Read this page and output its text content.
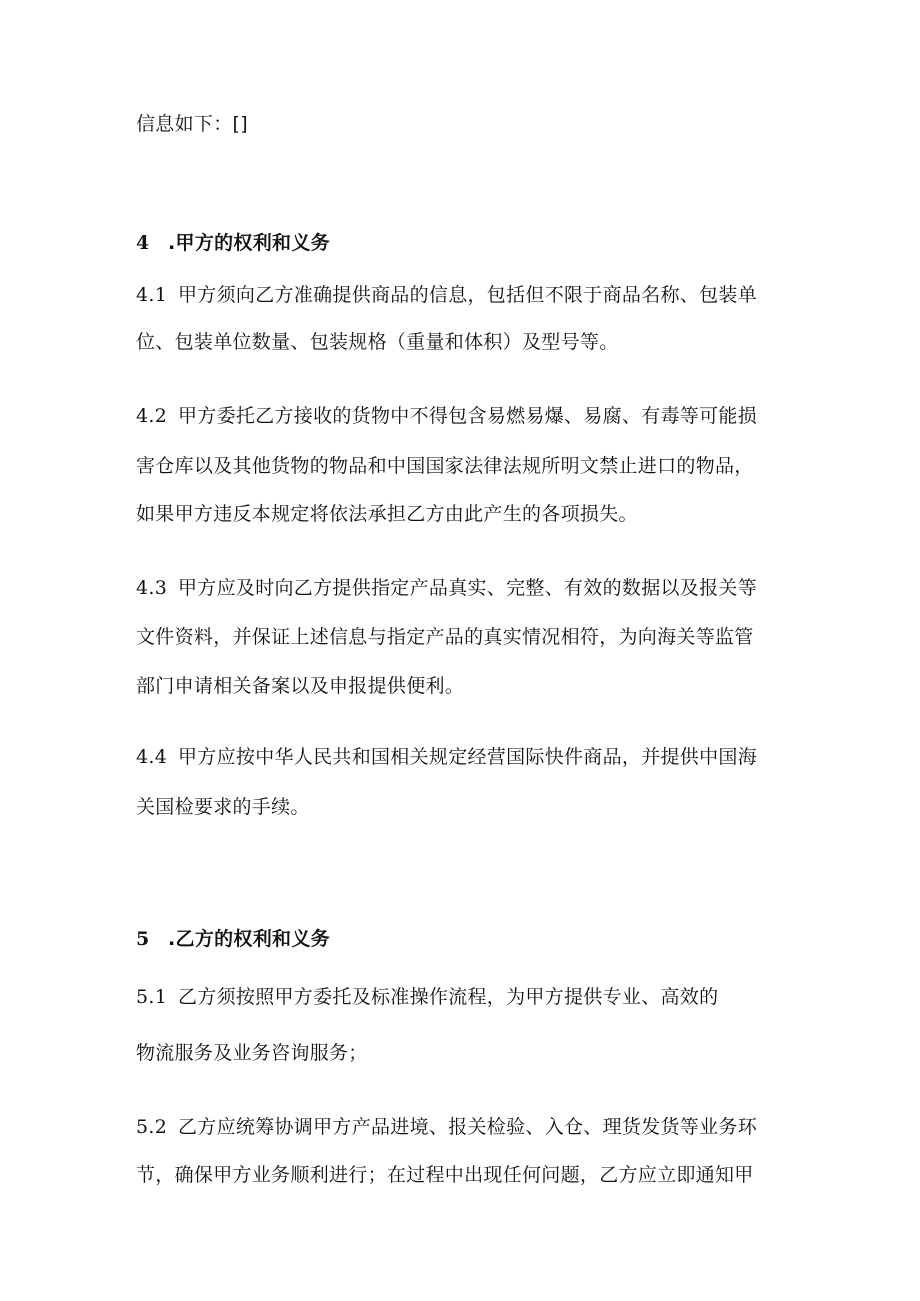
信息如下：[]
4 .甲方的权利和义务
4.1 甲方须向乙方准确提供商品的信息，包括但不限于商品名称、包装单
位、包装单位数量、包装规格（重量和体积）及型号等。
4.2 甲方委托乙方接收的货物中不得包含易燃易爆、易腐、有毒等可能损
害仓库以及其他货物的物品和中国国家法律法规所明文禁止进口的物品，
如果甲方违反本规定将依法承担乙方由此产生的各项损失。
4.3 甲方应及时向乙方提供指定产品真实、完整、有效的数据以及报关等
文件资料，并保证上述信息与指定产品的真实情况相符，为向海关等监管
部门申请相关备案以及申报提供便利。
4.4 甲方应按中华人民共和国相关规定经营国际快件商品，并提供中国海
关国检要求的手续。
5 .乙方的权利和义务
5.1 乙方须按照甲方委托及标准操作流程，为甲方提供专业、高效的
物流服务及业务咨询服务；
5.2 乙方应统筹协调甲方产品进境、报关检验、入仓、理货发货等业务环
节，确保甲方业务顺利进行；在过程中出现任何问题，乙方应立即通知甲
